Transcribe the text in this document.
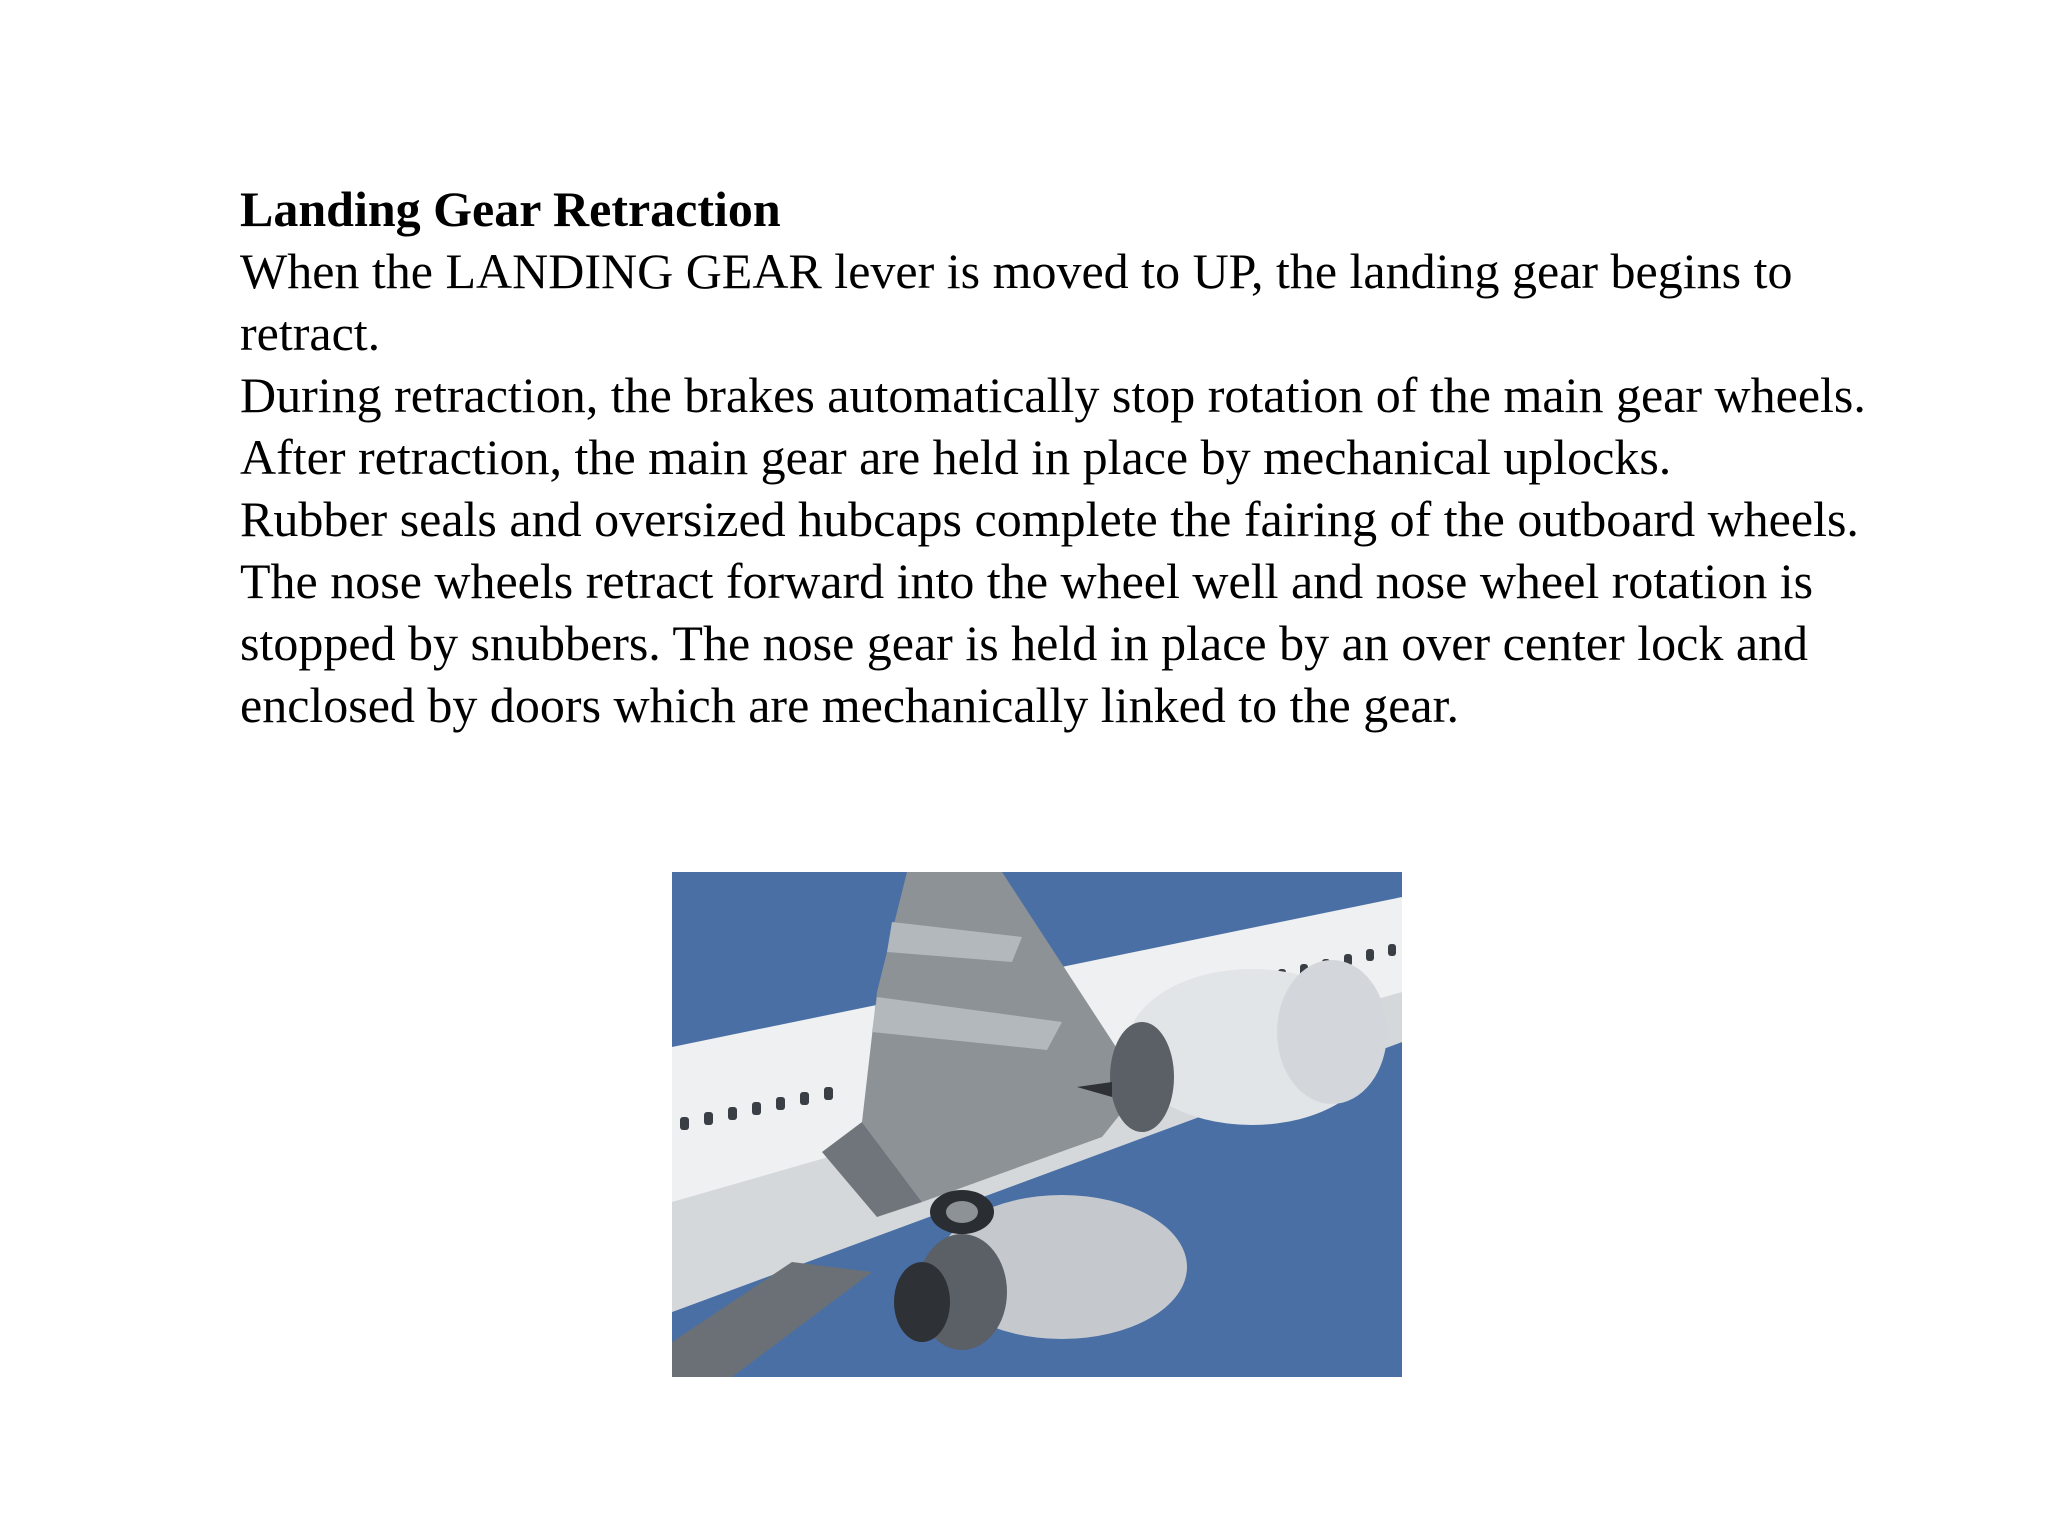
Landing Gear Retraction

When the LANDING GEAR lever is moved to UP, the landing gear begins to retract.

During retraction, the brakes automatically stop rotation of the main gear wheels.

After retraction, the main gear are held in place by mechanical uplocks.

Rubber seals and oversized hubcaps complete the fairing of the outboard wheels.

The nose wheels retract forward into the wheel well and nose wheel rotation is stopped by snubbers. The nose gear is held in place by an over center lock and enclosed by doors which are mechanically linked to the gear.
